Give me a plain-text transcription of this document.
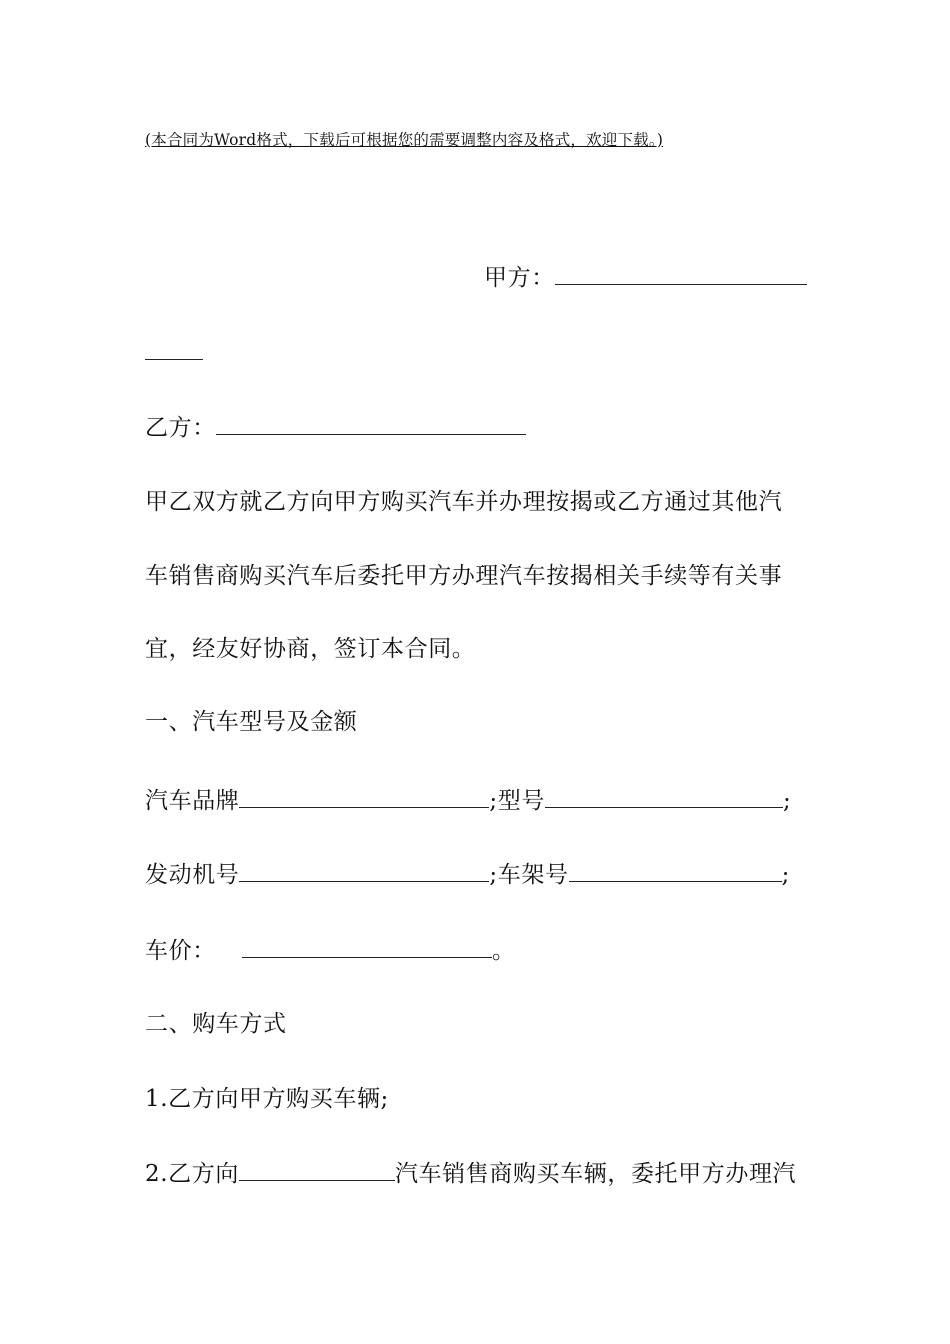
(本合同为Word格式，下载后可根据您的需要调整内容及格式，欢迎下载。)
甲方：
乙方：
甲乙双方就乙方向甲方购买汽车并办理按揭或乙方通过其他汽
车销售商购买汽车后委托甲方办理汽车按揭相关手续等有关事
宜，经友好协商，签订本合同。
一、汽车型号及金额
汽车品牌	;型号	;
发动机号	;车架号	;
车价：	。
二、购车方式
1.乙方向甲方购买车辆;
2.乙方向	汽车销售商购买车辆，委托甲方办理汽
